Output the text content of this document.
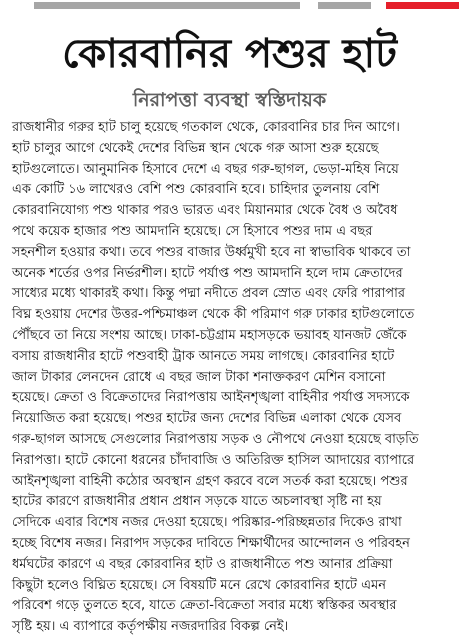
কোরবানির পশুর হাট
নিরাপত্তা ব্যবস্থা স্বস্তিদায়ক
রাজধানীর গরুর হাট চালু হয়েছে গতকাল থেকে, কোরবানির চার দিন আগে।
হাট চালুর আগে থেকেই দেশের বিভিন্ন স্থান থেকে গরু আসা শুরু হয়েছে
হাটগুলোতে। আনুমানিক হিসাবে দেশে এ বছর গরু-ছাগল, ভেড়া-মহিষ নিয়ে
এক কোটি ১৬ লাখেরও বেশি পশু কোরবানি হবে। চাহিদার তুলনায় বেশি
কোরবানিযোগ্য পশু থাকার পরও ভারত এবং মিয়ানমার থেকে বৈধ ও অবৈধ
পথে কয়েক হাজার পশু আমদানি হয়েছে। সে হিসাবে পশুর দাম এ বছর
সহনশীল হওয়ার কথা। তবে পশুর বাজার উর্ধ্বমুখী হবে না স্বাভাবিক থাকবে তা
অনেক শর্তের ওপর নির্ভরশীল। হাটে পর্যাপ্ত পশু আমদানি হলে দাম ক্রেতাদের
সাধ্যের মধ্যে থাকারই কথা। কিন্তু পদ্মা নদীতে প্রবল স্রোত এবং ফেরি পারাপার
বিঘ্ন হওয়ায় দেশের উত্তর-পশ্চিমাঞ্চল থেকে কী পরিমাণ গরু ঢাকার হাটগুলোতে
পৌঁছবে তা নিয়ে সংশয় আছে। ঢাকা-চট্টগ্রাম মহাসড়কে ভয়াবহ যানজট জেঁকে
বসায় রাজধানীর হাটে পশুবাহী ট্রাক আনতে সময় লাগছে। কোরবানির হাটে
জাল টাকার লেনদেন রোধে এ বছর জাল টাকা শনাক্তকরণ মেশিন বসানো
হয়েছে। ক্রেতা ও বিক্রেতাদের নিরাপত্তায় আইনশৃঙ্খলা বাহিনীর পর্যাপ্ত সদস্যকে
নিয়োজিত করা হয়েছে। পশুর হাটের জন্য দেশের বিভিন্ন এলাকা থেকে যেসব
গরু-ছাগল আসছে সেগুলোর নিরাপত্তায় সড়ক ও নৌপথে নেওয়া হয়েছে বাড়তি
নিরাপত্তা। হাটে কোনো ধরনের চাঁদাবাজি ও অতিরিক্ত হাসিল আদায়ের ব্যাপারে
আইনশৃঙ্খলা বাহিনী কঠোর অবস্থান গ্রহণ করবে বলে সতর্ক করা হয়েছে। পশুর
হাটের কারণে রাজধানীর প্রধান প্রধান সড়কে যাতে অচলাবস্থা সৃষ্টি না হয়
সেদিকে এবার বিশেষ নজর দেওয়া হয়েছে। পরিষ্কার-পরিচ্ছন্নতার দিকেও রাখা
হচ্ছে বিশেষ নজর। নিরাপদ সড়কের দাবিতে শিক্ষার্থীদের আন্দোলন ও পরিবহন
ধর্মঘটের কারণে এ বছর কোরবানির হাট ও রাজধানীতে পশু আনার প্রক্রিয়া
কিছুটা হলেও বিঘ্নিত হয়েছে। সে বিষয়টি মনে রেখে কোরবানির হাটে এমন
পরিবেশ গড়ে তুলতে হবে, যাতে ক্রেতা-বিক্রেতা সবার মধ্যে স্বস্তিকর অবস্থার
সৃষ্টি হয়। এ ব্যাপারে কর্তৃপক্ষীয় নজরদারির বিকল্প নেই।
